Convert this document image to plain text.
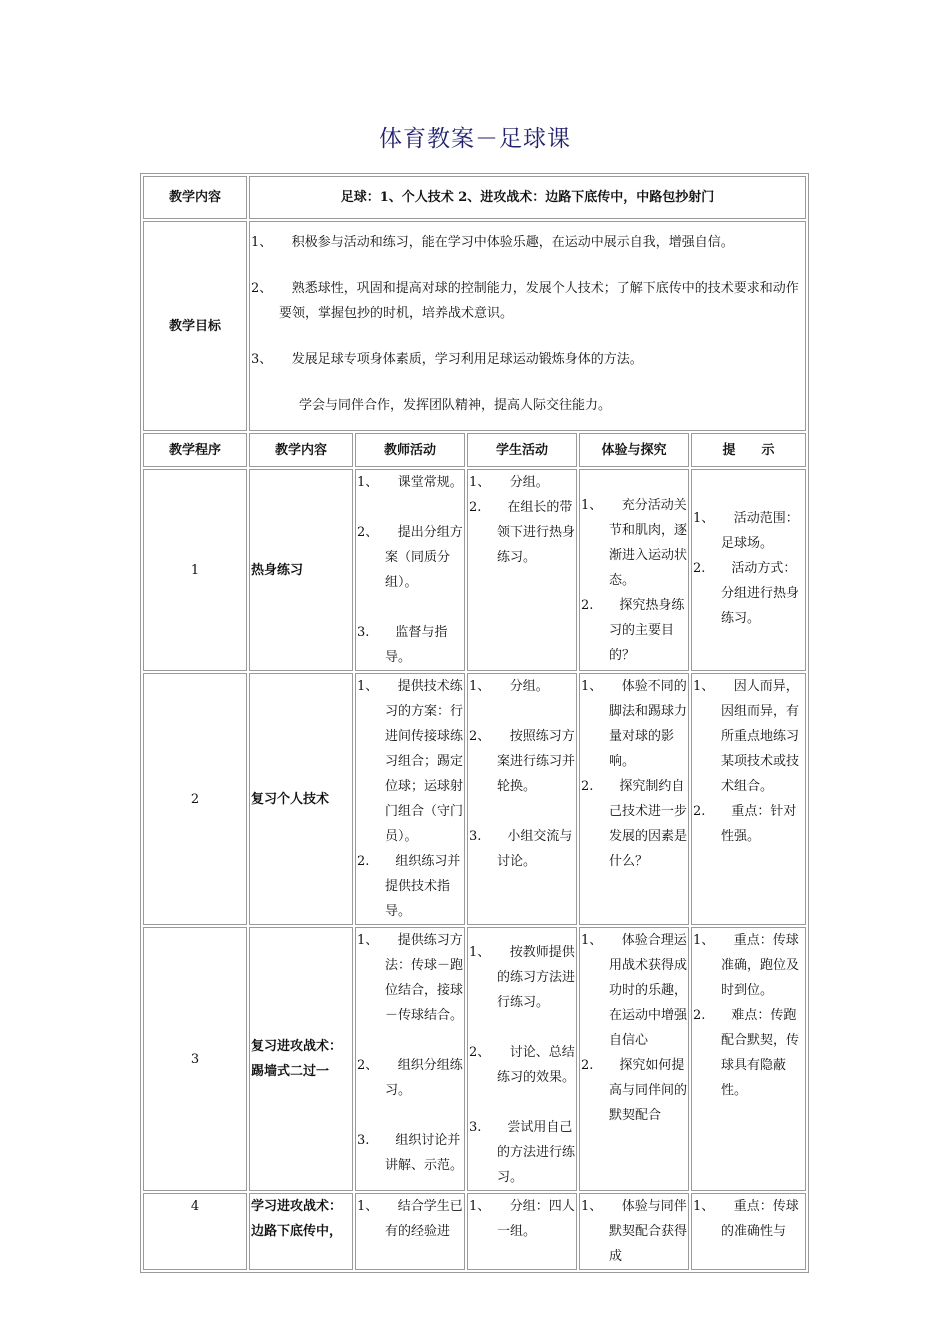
体育教案－足球课
教学内容	足球：1、个人技术 2、进攻战术：边路下底传中，中路包抄射门				
教学目标	1、　　积极参与活动和练习，能在学习中体验乐趣，在运动中展示自我，增强自信。
2、　　熟悉球性，巩固和提高对球的控制能力，发展个人技术；了解下底传中的技术要求和动作要领，掌握包抄的时机，培养战术意识。
3、　　发展足球专项身体素质，学习利用足球运动锻炼身体的方法。
学会与同伴合作，发挥团队精神，提高人际交往能力。				

教学程序	教学内容	教师活动	学生活动	体验与探究	提　　示
1	热身练习	1、　　课堂常规。
2、　　提出分组方案（同质分组）。
3.　　监督与指导。	1、　　分组。
2.　　在组长的带领下进行热身练习。	1、　　充分活动关节和肌肉，逐渐进入运动状态。
2.　　探究热身练习的主要目的？	1、　　活动范围：足球场。
2.　　活动方式：分组进行热身练习。

2	复习个人技术	1、　　提供技术练习的方案：行进间传接球练习组合；踢定位球；运球射门组合（守门员）。
2.　　组织练习并提供技术指导。	1、　　分组。
2、　　按照练习方案进行练习并轮换。
3.　　小组交流与讨论。	1、　　体验不同的脚法和踢球力量对球的影响。
2.　　探究制约自己技术进一步发展的因素是什么？	1、　　因人而异，因组而异，有所重点地练习某项技术或技术组合。
2.　　重点：针对性强。

3	复习进攻战术：踢墙式二过一	1、　　提供练习方法：传球－跑位结合，接球－传球结合。
2、　　组织分组练习。
3.　　组织讨论并讲解、示范。	1、　　按教师提供的练习方法进行练习。
2、　　讨论、总结练习的效果。
3.　　尝试用自己的方法进行练习。	1、　　体验合理运用战术获得成功时的乐趣，在运动中增强自信心
2.　　探究如何提高与同伴间的默契配合	1、　　重点：传球准确，跑位及时到位。
2.　　难点：传跑配合默契，传球具有隐蔽性。

4	学习进攻战术：边路下底传中，	1、　　结合学生已有的经验进	1、　　分组：四人一组。	1、　　体验与同伴默契配合获得成	1、　　重点：传球的准确性与
